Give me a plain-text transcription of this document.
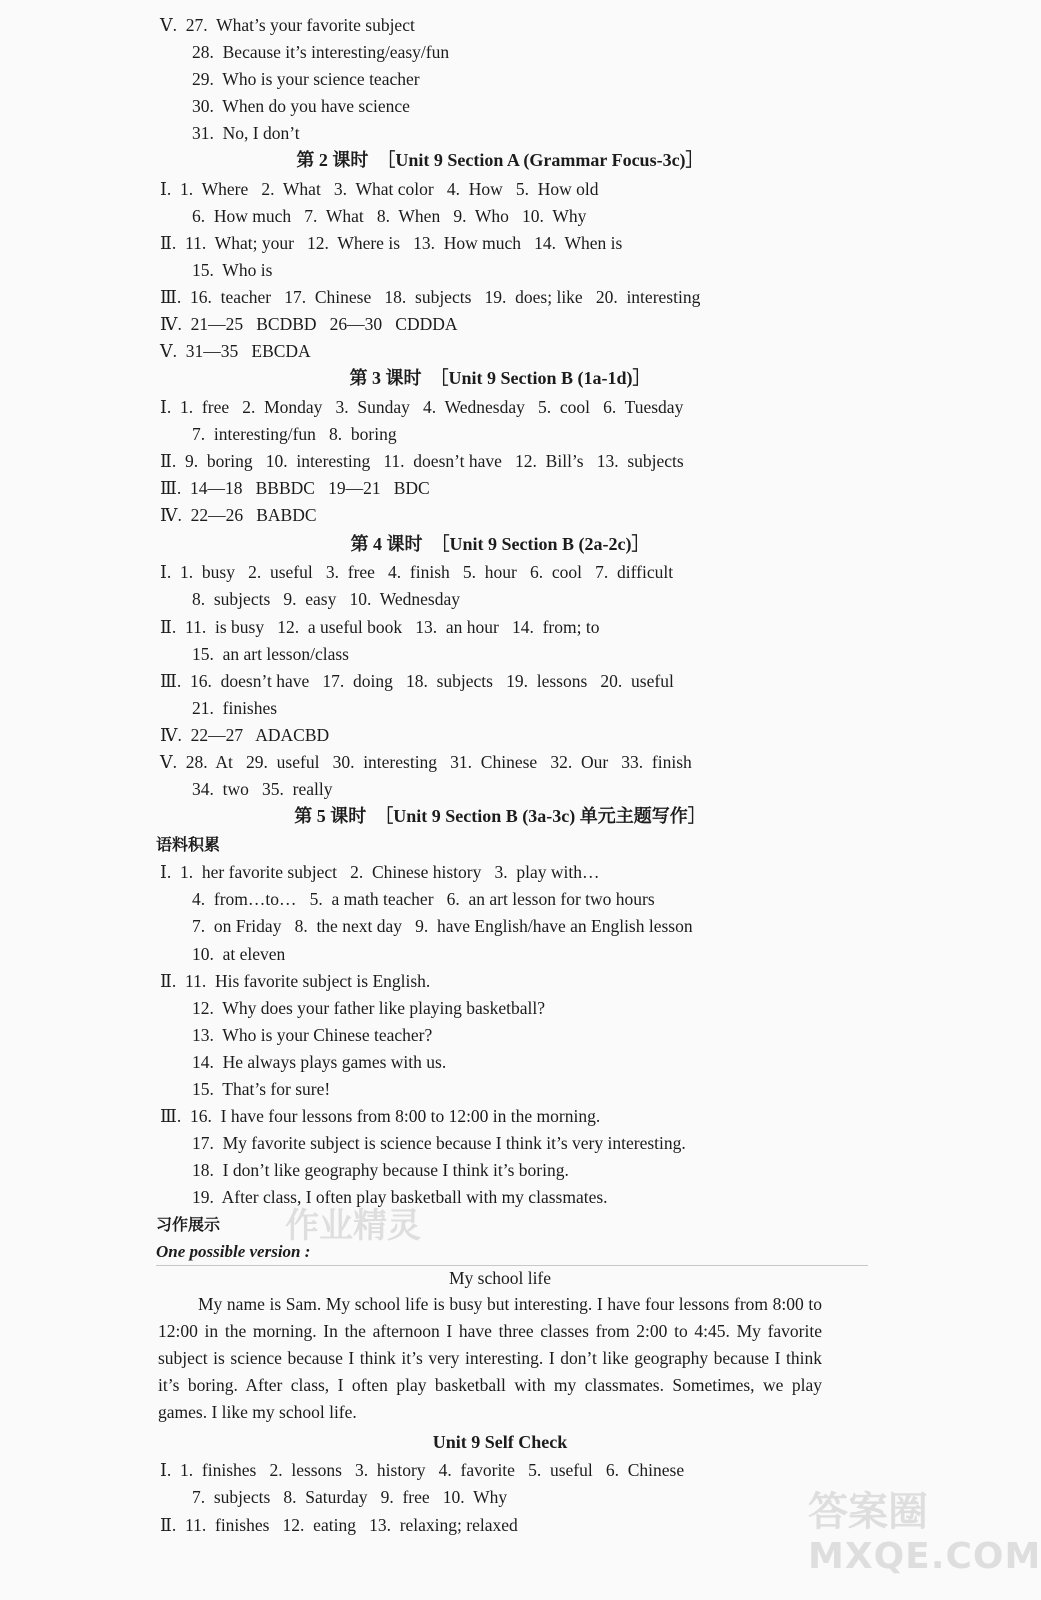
Ⅴ.  27.  What’s your favorite subject
28.  Because it’s interesting/easy/fun
29.  Who is your science teacher
30.  When do you have science
31.  No, I don’t
第 2 课时  ［Unit 9 Section A (Grammar Focus-3c)］
Ⅰ.  1.  Where   2.  What   3.  What color   4.  How   5.  How old
6.  How much   7.  What   8.  When   9.  Who   10.  Why
Ⅱ.  11.  What; your   12.  Where is   13.  How much   14.  When is
15.  Who is
Ⅲ.  16.  teacher   17.  Chinese   18.  subjects   19.  does; like   20.  interesting
Ⅳ.  21—25   BCDBD   26—30   CDDDA
Ⅴ.  31—35   EBCDA
第 3 课时  ［Unit 9 Section B (1a-1d)］
Ⅰ.  1.  free   2.  Monday   3.  Sunday   4.  Wednesday   5.  cool   6.  Tuesday
7.  interesting/fun   8.  boring
Ⅱ.  9.  boring   10.  interesting   11.  doesn’t have   12.  Bill’s   13.  subjects
Ⅲ.  14—18   BBBDC   19—21   BDC
Ⅳ.  22—26   BABDC
第 4 课时  ［Unit 9 Section B (2a-2c)］
Ⅰ.  1.  busy   2.  useful   3.  free   4.  finish   5.  hour   6.  cool   7.  difficult
8.  subjects   9.  easy   10.  Wednesday
Ⅱ.  11.  is busy   12.  a useful book   13.  an hour   14.  from; to
15.  an art lesson/class
Ⅲ.  16.  doesn’t have   17.  doing   18.  subjects   19.  lessons   20.  useful
21.  finishes
Ⅳ.  22—27   ADACBD
Ⅴ.  28.  At   29.  useful   30.  interesting   31.  Chinese   32.  Our   33.  finish
34.  two   35.  really
第 5 课时  ［Unit 9 Section B (3a-3c) 单元主题写作］
语料积累
Ⅰ.  1.  her favorite subject   2.  Chinese history   3.  play with…
4.  from…to…   5.  a math teacher   6.  an art lesson for two hours
7.  on Friday   8.  the next day   9.  have English/have an English lesson
10.  at eleven
Ⅱ.  11.  His favorite subject is English.
12.  Why does your father like playing basketball?
13.  Who is your Chinese teacher?
14.  He always plays games with us.
15.  That’s for sure!
Ⅲ.  16.  I have four lessons from 8:00 to 12:00 in the morning.
17.  My favorite subject is science because I think it’s very interesting.
18.  I don’t like geography because I think it’s boring.
19.  After class, I often play basketball with my classmates.
作业精灵
习作展示
One possible version :
My school life
My name is Sam. My school life is busy but interesting. I have four lessons from 8:00 to 12:00 in the morning. In the afternoon I have three classes from 2:00 to 4:45. My favorite subject is science because I think it’s very interesting. I don’t like geography because I think it’s boring. After class, I often play basketball with my classmates. Sometimes, we play games. I like my school life.
Unit 9 Self Check
Ⅰ.  1.  finishes   2.  lessons   3.  history   4.  favorite   5.  useful   6.  Chinese
7.  subjects   8.  Saturday   9.  free   10.  Why
Ⅱ.  11.  finishes   12.  eating   13.  relaxing; relaxed	答案圈
MXQE.COM
